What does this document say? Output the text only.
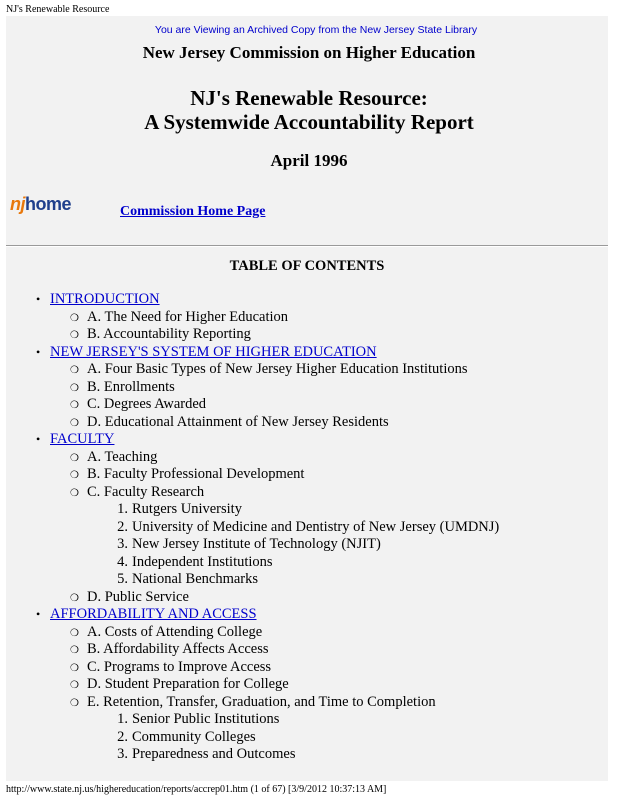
NJ's Renewable Resource
You are Viewing an Archived Copy from the New Jersey State Library
New Jersey Commission on Higher Education
NJ's Renewable Resource:
A Systemwide Accountability Report
April 1996
njhome	Commission Home Page
TABLE OF CONTENTS
• INTRODUCTION
❍ A. The Need for Higher Education
❍ B. Accountability Reporting
• NEW JERSEY'S SYSTEM OF HIGHER EDUCATION
❍ A. Four Basic Types of New Jersey Higher Education Institutions
❍ B. Enrollments
❍ C. Degrees Awarded
❍ D. Educational Attainment of New Jersey Residents
• FACULTY
❍ A. Teaching
❍ B. Faculty Professional Development
❍ C. Faculty Research
1. Rutgers University
2. University of Medicine and Dentistry of New Jersey (UMDNJ)
3. New Jersey Institute of Technology (NJIT)
4. Independent Institutions
5. National Benchmarks
❍ D. Public Service
• AFFORDABILITY AND ACCESS
❍ A. Costs of Attending College
❍ B. Affordability Affects Access
❍ C. Programs to Improve Access
❍ D. Student Preparation for College
❍ E. Retention, Transfer, Graduation, and Time to Completion
1. Senior Public Institutions
2. Community Colleges
3. Preparedness and Outcomes
http://www.state.nj.us/highereducation/reports/accrep01.htm (1 of 67) [3/9/2012 10:37:13 AM]
